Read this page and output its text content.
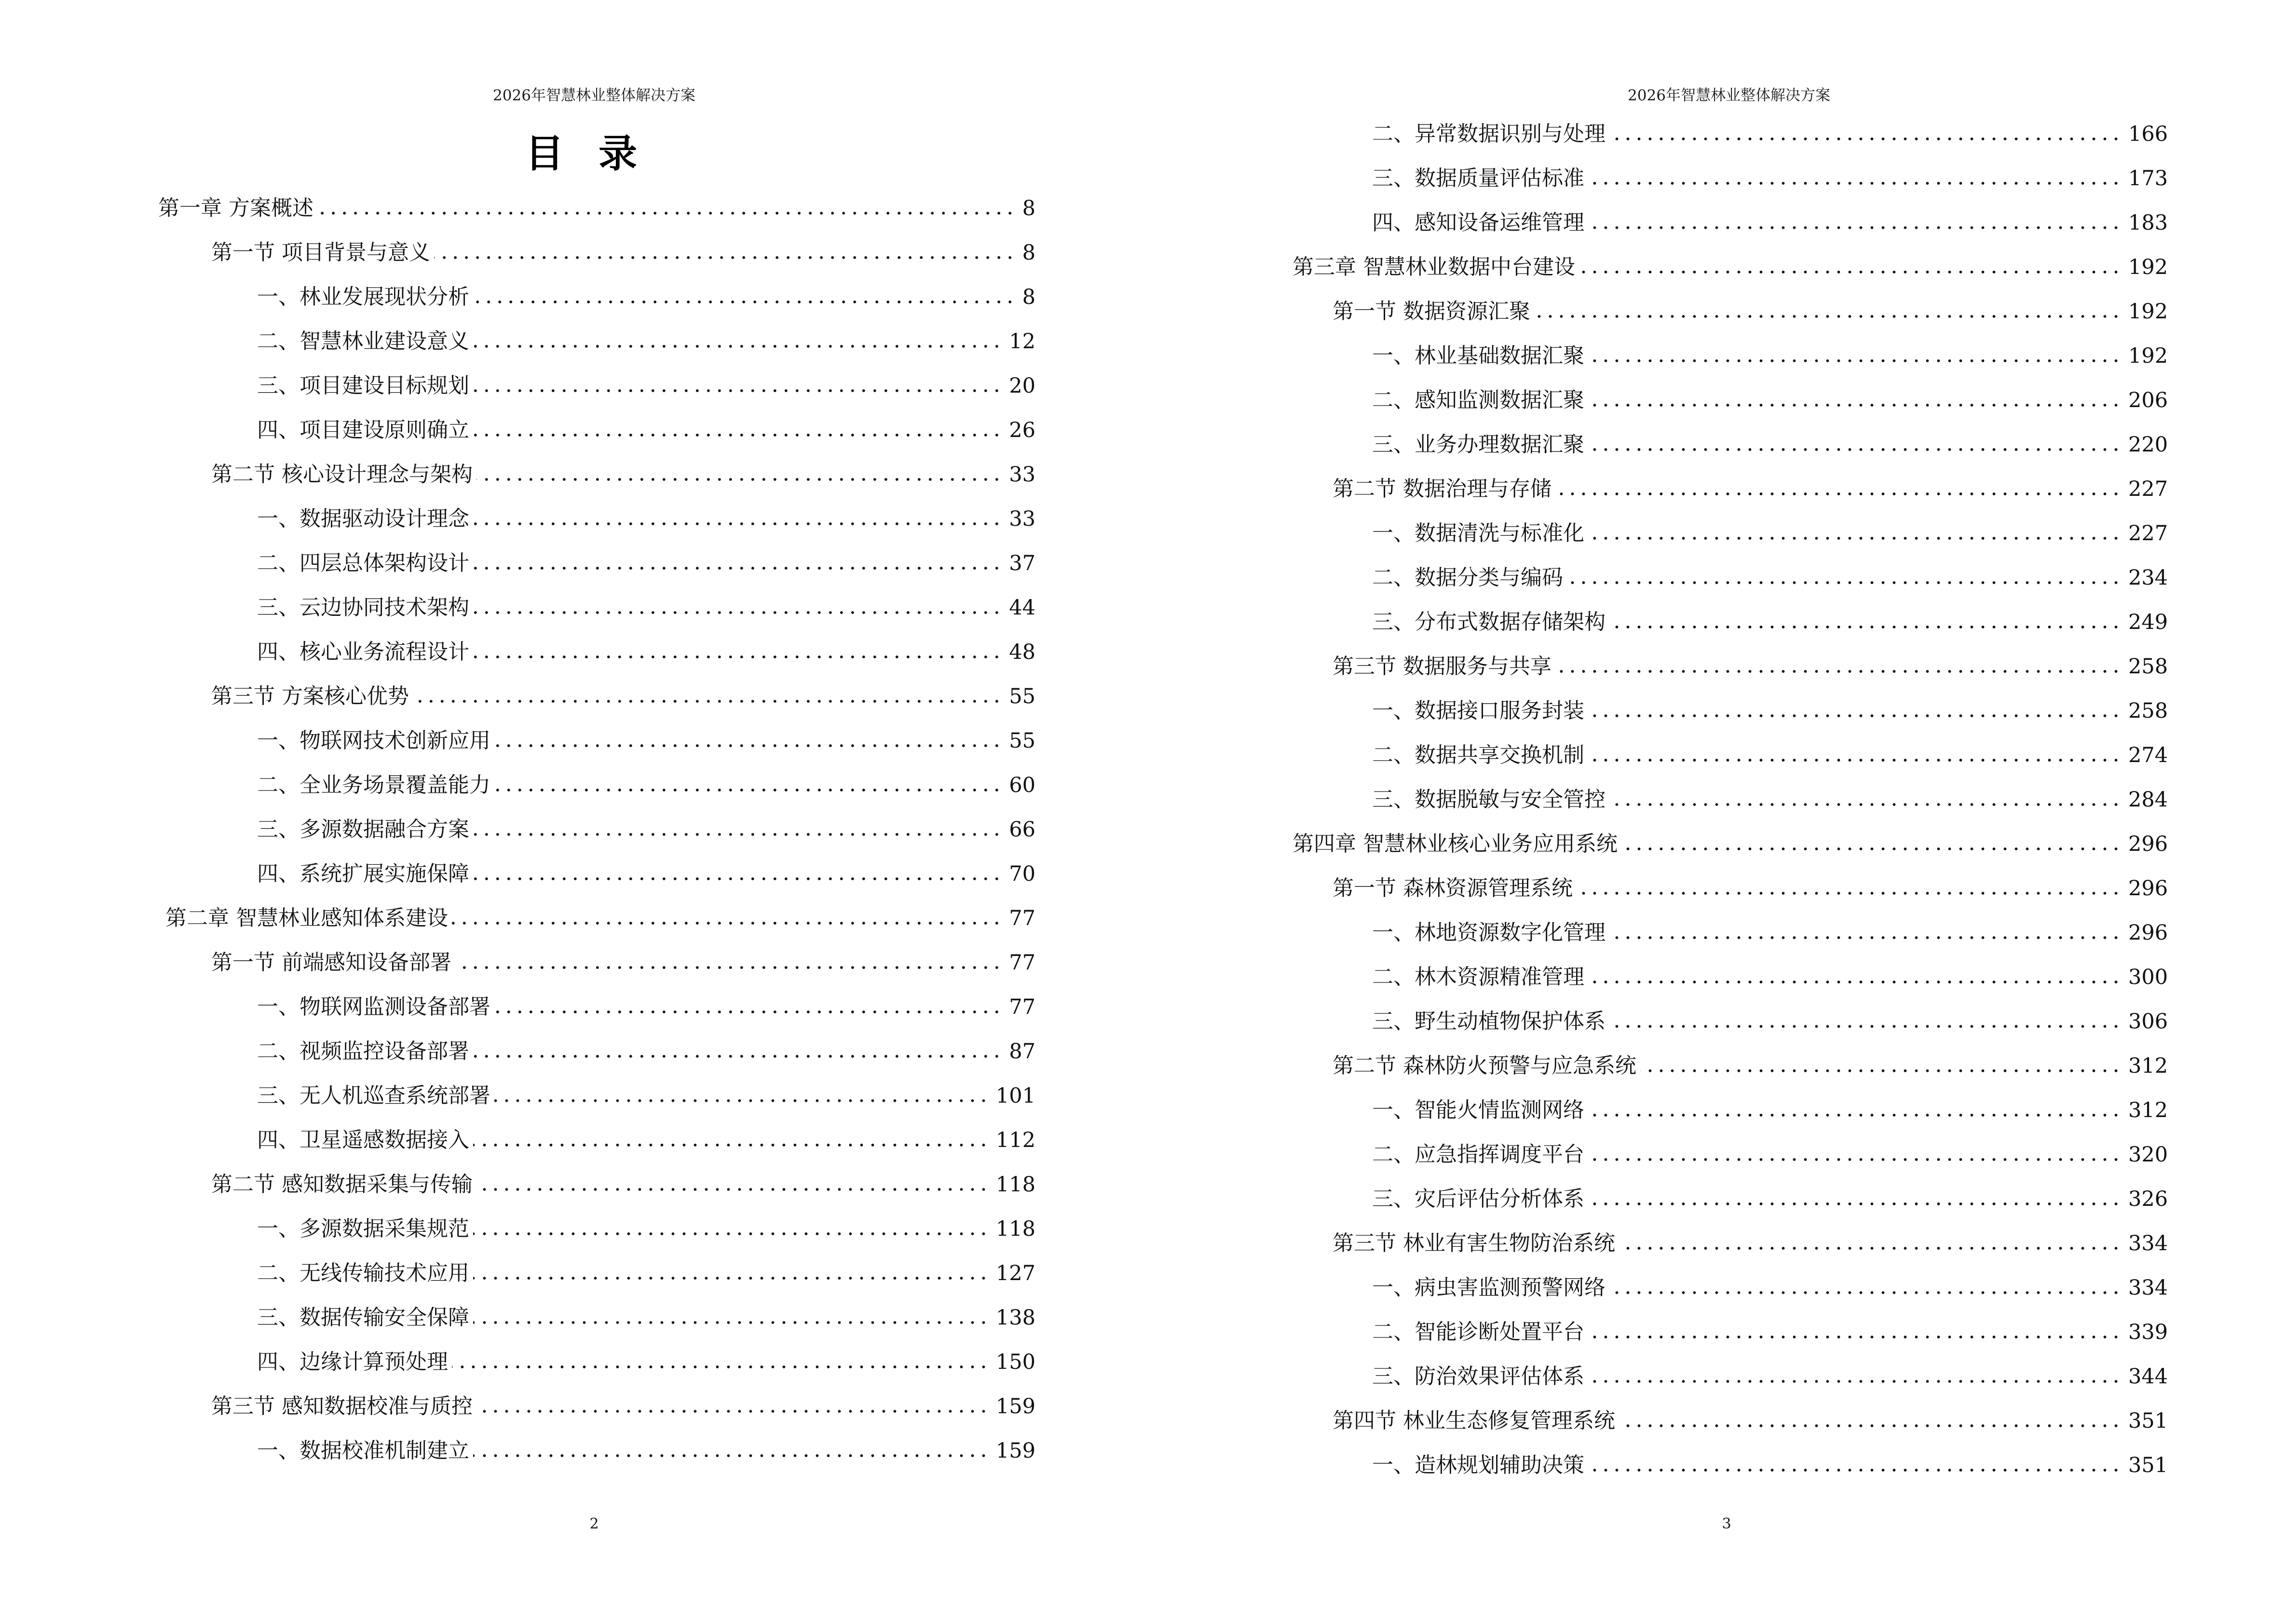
2026年智慧林业整体解决方案
目录
第一章 方案概述	8
第一节 项目背景与意义	8
一、林业发展现状分析	8
二、智慧林业建设意义	12
三、项目建设目标规划	20
四、项目建设原则确立	26
第二节 核心设计理念与架构	33
一、数据驱动设计理念	33
二、四层总体架构设计	37
三、云边协同技术架构	44
四、核心业务流程设计	48
第三节 方案核心优势	55
一、物联网技术创新应用	55
二、全业务场景覆盖能力	60
三、多源数据融合方案	66
四、系统扩展实施保障	70
第二章 智慧林业感知体系建设	77
第一节 前端感知设备部署	77
一、物联网监测设备部署	77
二、视频监控设备部署	87
三、无人机巡查系统部署	101
四、卫星遥感数据接入	112
第二节 感知数据采集与传输	118
一、多源数据采集规范	118
二、无线传输技术应用	127
三、数据传输安全保障	138
四、边缘计算预处理	150
第三节 感知数据校准与质控	159
一、数据校准机制建立	159
2
2026年智慧林业整体解决方案
二、异常数据识别与处理	166
三、数据质量评估标准	173
四、感知设备运维管理	183
第三章 智慧林业数据中台建设	192
第一节 数据资源汇聚	192
一、林业基础数据汇聚	192
二、感知监测数据汇聚	206
三、业务办理数据汇聚	220
第二节 数据治理与存储	227
一、数据清洗与标准化	227
二、数据分类与编码	234
三、分布式数据存储架构	249
第三节 数据服务与共享	258
一、数据接口服务封装	258
二、数据共享交换机制	274
三、数据脱敏与安全管控	284
第四章 智慧林业核心业务应用系统	296
第一节 森林资源管理系统	296
一、林地资源数字化管理	296
二、林木资源精准管理	300
三、野生动植物保护体系	306
第二节 森林防火预警与应急系统	312
一、智能火情监测网络	312
二、应急指挥调度平台	320
三、灾后评估分析体系	326
第三节 林业有害生物防治系统	334
一、病虫害监测预警网络	334
二、智能诊断处置平台	339
三、防治效果评估体系	344
第四节 林业生态修复管理系统	351
一、造林规划辅助决策	351
3
